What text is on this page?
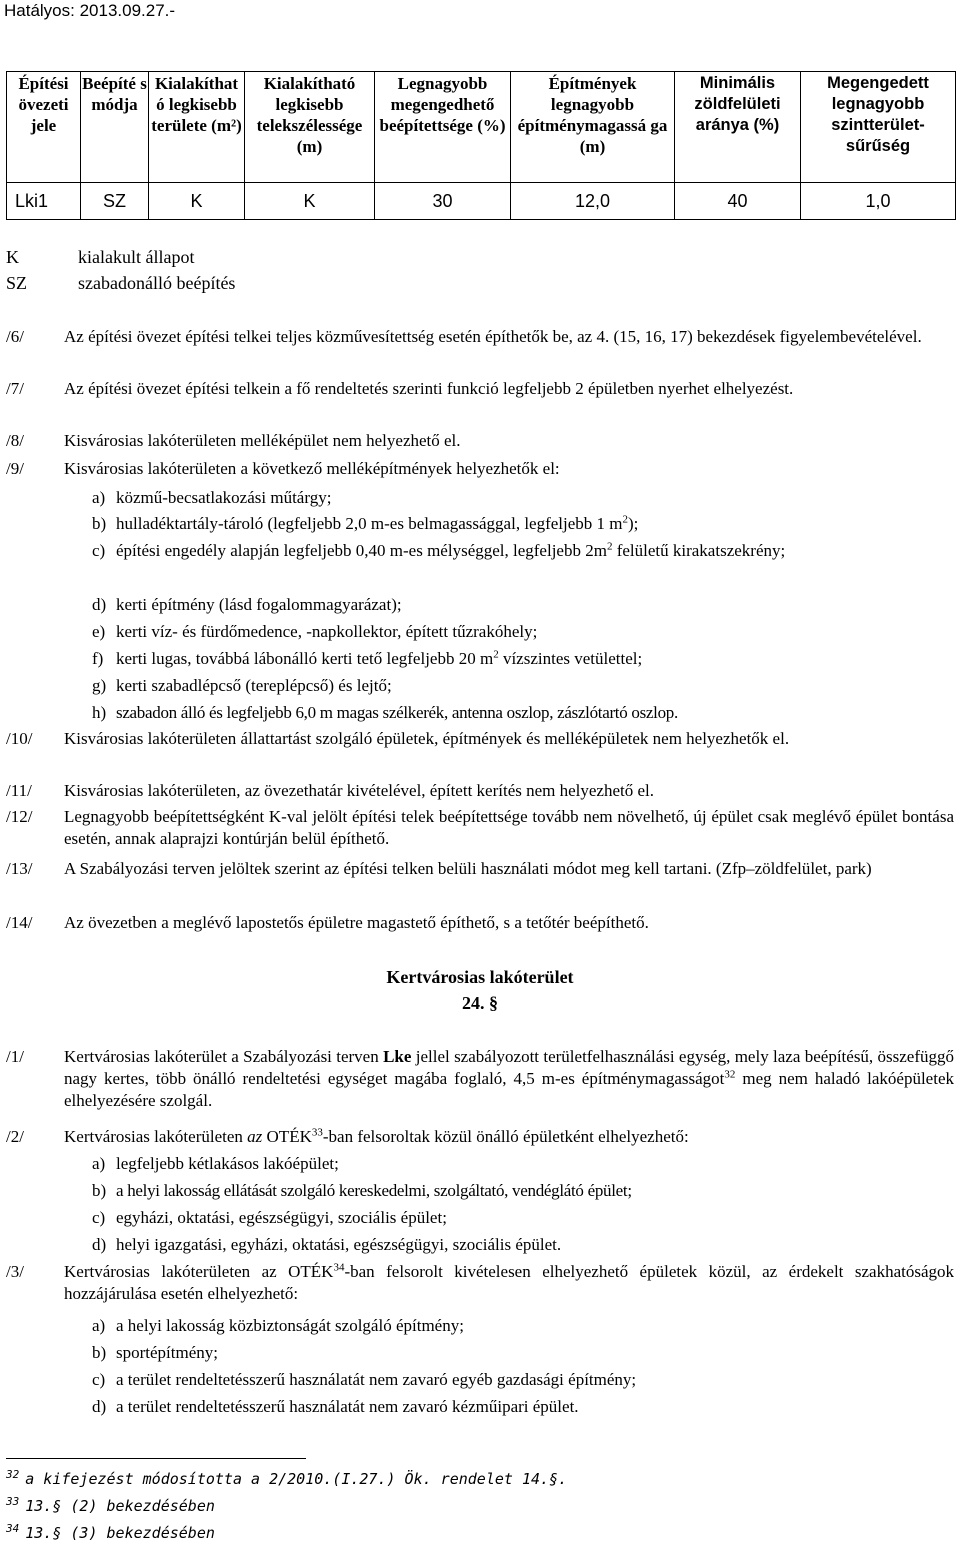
Hatályos: 2013.09.27.-
Építési övezeti jele	Beépíté s módja	Kialakíthat ó legkisebb területe (m²)	Kialakítható legkisebb telekszélessége (m)	Legnagyobb megengedhető beépítettsége (%)	Építmények legnagyobb építménymagassá ga (m)	Minimális zöldfelületi aránya (%)	Megengedett legnagyobb szintterület-sűrűség
Lki1	SZ	K	K	30	12,0	40	1,0
K	kialakult állapot
SZ	szabadonálló beépítés
/6/ Az építési övezet építési telkei teljes közművesítettség esetén építhetők be, az 4. (15, 16, 17) bekezdések figyelembevételével.
/7/ Az építési övezet építési telkein a fő rendeltetés szerinti funkció legfeljebb 2 épületben nyerhet elhelyezést.
/8/ Kisvárosias lakóterületen melléképület nem helyezhető el.
/9/ Kisvárosias lakóterületen a következő melléképítmények helyezhetők el:
a) közmű-becsatlakozási műtárgy;
b) hulladéktartály-tároló (legfeljebb 2,0 m-es belmagassággal, legfeljebb 1 $m^2$);
c) építési engedély alapján legfeljebb 0,40 m-es mélységgel, legfeljebb $2m^2$ felületű kirakatszekrény;
d) kerti építmény (lásd fogalommagyarázat);
e) kerti víz- és fürdőmedence, -napkollektor, épített tűzrakóhely;
f) kerti lugas, továbbá lábonálló kerti tető legfeljebb 20 $m^2$ vízszintes vetülettel;
g) kerti szabadlépcső (tereplépcső) és lejtő;
h) szabadon álló és legfeljebb 6,0 m magas szélkerék, antenna oszlop, zászlótartó oszlop.
/10/ Kisvárosias lakóterületen állattartást szolgáló épületek, építmények és melléképületek nem helyezhetők el.
/11/ Kisvárosias lakóterületen, az övezethatár kivételével, épített kerítés nem helyezhető el.
/12/ Legnagyobb beépítettségként K-val jelölt építési telek beépítettsége tovább nem növelhető, új épület csak meglévő épület bontása esetén, annak alaprajzi kontúrján belül építhető.
/13/ A Szabályozási terven jelöltek szerint az építési telken belüli használati módot meg kell tartani. (Zfp–zöldfelület, park)
/14/ Az övezetben a meglévő lapostetős épületre magastető építhető, s a tetőtér beépíthető.
Kertvárosias lakóterület
24. §
/1/ Kertvárosias lakóterület a Szabályozási terven Lke jellel szabályozott területfelhasználási egység, mely laza beépítésű, összefüggő nagy kertes, több önálló rendeltetési egységet magába foglaló, 4,5 m-es építménymagasságot$^{32}$ meg nem haladó lakóépületek elhelyezésére szolgál.
/2/ Kertvárosias lakóterületen az OTÉK$^{33}$-ban felsoroltak közül önálló épületként elhelyezhető:
a) legfeljebb kétlakásos lakóépület;
b) a helyi lakosság ellátását szolgáló kereskedelmi, szolgáltató, vendéglátó épület;
c) egyházi, oktatási, egészségügyi, szociális épület;
d) helyi igazgatási, egyházi, oktatási, egészségügyi, szociális épület.
/3/ Kertvárosias lakóterületen az OTÉK$^{34}$-ban felsorolt kivételesen elhelyezhető épületek közül, az érdekelt szakhatóságok hozzájárulása esetén elhelyezhető:
a) a helyi lakosság közbiztonságát szolgáló építmény;
b) sportépítmény;
c) a terület rendeltetésszerű használatát nem zavaró egyéb gazdasági építmény;
d) a terület rendeltetésszerű használatát nem zavaró kézműipari épület.
$^{32}$ a kifejezést módosította a 2/2010.(I.27.) Ök. rendelet 14.§.
$^{33}$ 13.§ (2) bekezdésében
$^{34}$ 13.§ (3) bekezdésében
